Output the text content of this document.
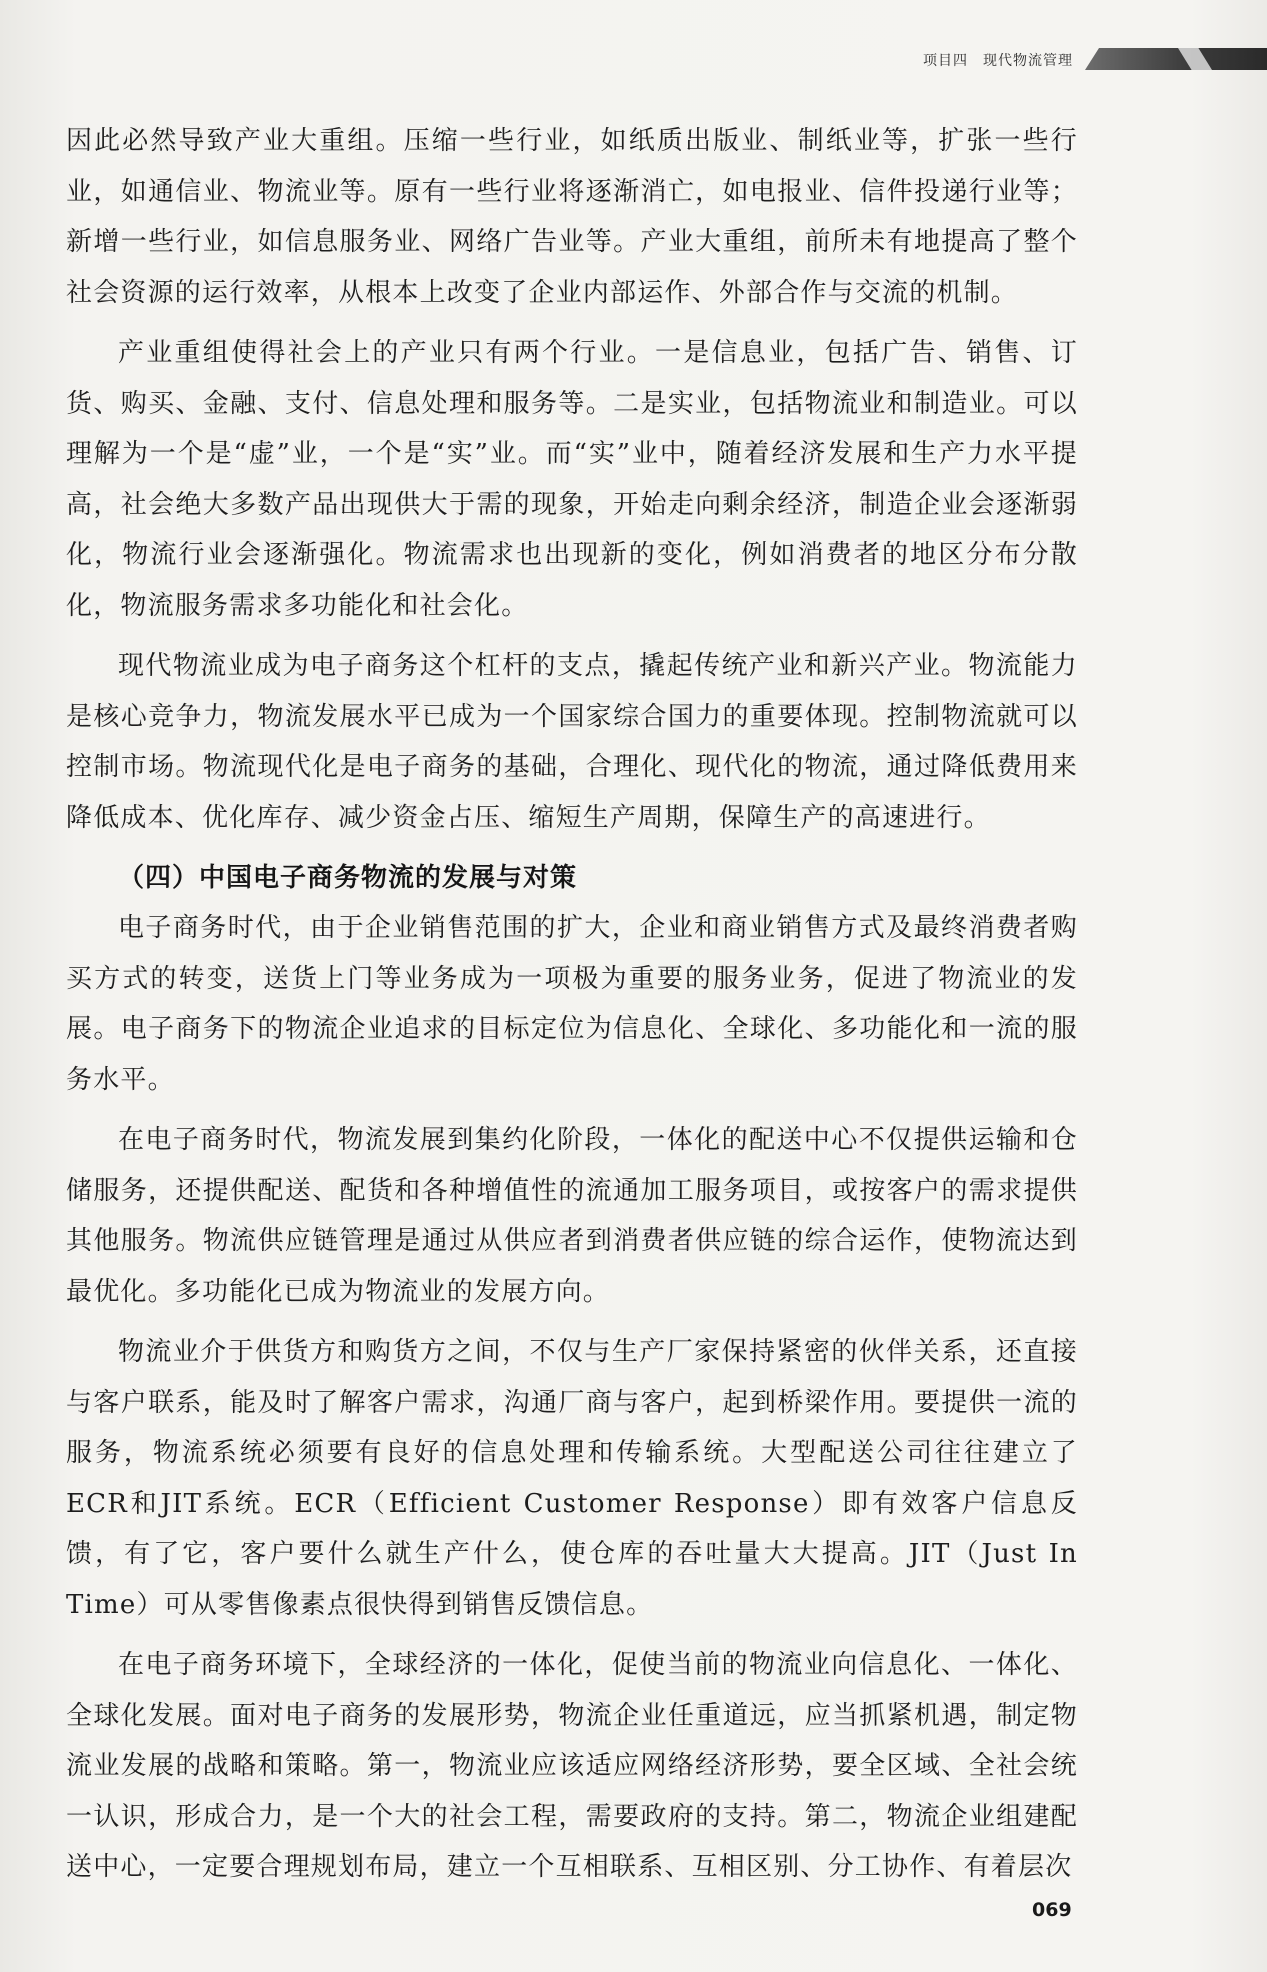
项目四　现代物流管理

因此必然导致产业大重组。压缩一些行业，如纸质出版业、制纸业等，扩张一些行业，如通信业、物流业等。原有一些行业将逐渐消亡，如电报业、信件投递行业等；新增一些行业，如信息服务业、网络广告业等。产业大重组，前所未有地提高了整个社会资源的运行效率，从根本上改变了企业内部运作、外部合作与交流的机制。

产业重组使得社会上的产业只有两个行业。一是信息业，包括广告、销售、订货、购买、金融、支付、信息处理和服务等。二是实业，包括物流业和制造业。可以理解为一个是“虚”业，一个是“实”业。而“实”业中，随着经济发展和生产力水平提高，社会绝大多数产品出现供大于需的现象，开始走向剩余经济，制造企业会逐渐弱化，物流行业会逐渐强化。物流需求也出现新的变化，例如消费者的地区分布分散化，物流服务需求多功能化和社会化。

现代物流业成为电子商务这个杠杆的支点，撬起传统产业和新兴产业。物流能力是核心竞争力，物流发展水平已成为一个国家综合国力的重要体现。控制物流就可以控制市场。物流现代化是电子商务的基础，合理化、现代化的物流，通过降低费用来降低成本、优化库存、减少资金占压、缩短生产周期，保障生产的高速进行。

（四）中国电子商务物流的发展与对策

电子商务时代，由于企业销售范围的扩大，企业和商业销售方式及最终消费者购买方式的转变，送货上门等业务成为一项极为重要的服务业务，促进了物流业的发展。电子商务下的物流企业追求的目标定位为信息化、全球化、多功能化和一流的服务水平。

在电子商务时代，物流发展到集约化阶段，一体化的配送中心不仅提供运输和仓储服务，还提供配送、配货和各种增值性的流通加工服务项目，或按客户的需求提供其他服务。物流供应链管理是通过从供应者到消费者供应链的综合运作，使物流达到最优化。多功能化已成为物流业的发展方向。

物流业介于供货方和购货方之间，不仅与生产厂家保持紧密的伙伴关系，还直接与客户联系，能及时了解客户需求，沟通厂商与客户，起到桥梁作用。要提供一流的服务，物流系统必须要有良好的信息处理和传输系统。大型配送公司往往建立了ECR和JIT系统。ECR（Efficient Customer Response）即有效客户信息反馈，有了它，客户要什么就生产什么，使仓库的吞吐量大大提高。JIT（Just In Time）可从零售像素点很快得到销售反馈信息。

在电子商务环境下，全球经济的一体化，促使当前的物流业向信息化、一体化、全球化发展。面对电子商务的发展形势，物流企业任重道远，应当抓紧机遇，制定物流业发展的战略和策略。第一，物流业应该适应网络经济形势，要全区域、全社会统一认识，形成合力，是一个大的社会工程，需要政府的支持。第二，物流企业组建配送中心，一定要合理规划布局，建立一个互相联系、互相区别、分工协作、有着层次

069
